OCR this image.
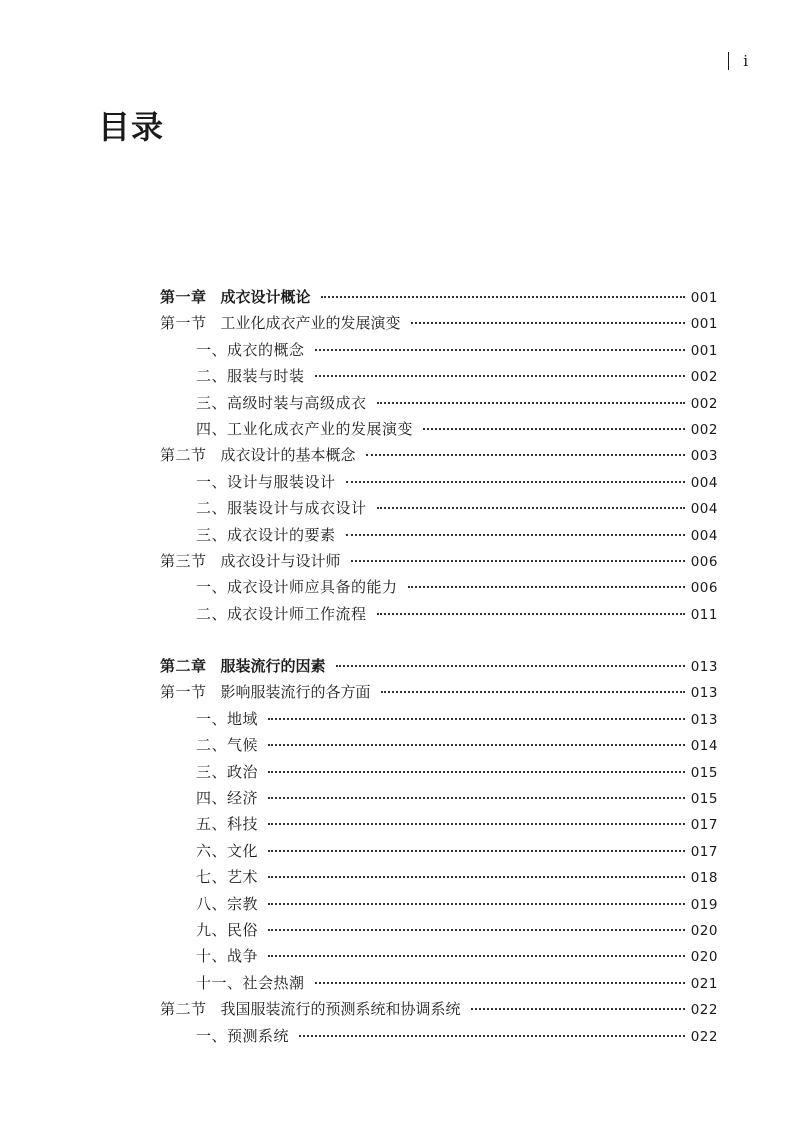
i
目录
第一章 成衣设计概论	001
第一节 工业化成衣产业的发展演变	001
一、成衣的概念	001
二、服装与时装	002
三、高级时装与高级成衣	002
四、工业化成衣产业的发展演变	002
第二节 成衣设计的基本概念	003
一、设计与服装设计	004
二、服装设计与成衣设计	004
三、成衣设计的要素	004
第三节 成衣设计与设计师	006
一、成衣设计师应具备的能力	006
二、成衣设计师工作流程	011
第二章 服装流行的因素	013
第一节 影响服装流行的各方面	013
一、地域	013
二、气候	014
三、政治	015
四、经济	015
五、科技	017
六、文化	017
七、艺术	018
八、宗教	019
九、民俗	020
十、战争	020
十一、社会热潮	021
第二节 我国服装流行的预测系统和协调系统	022
一、预测系统	022
